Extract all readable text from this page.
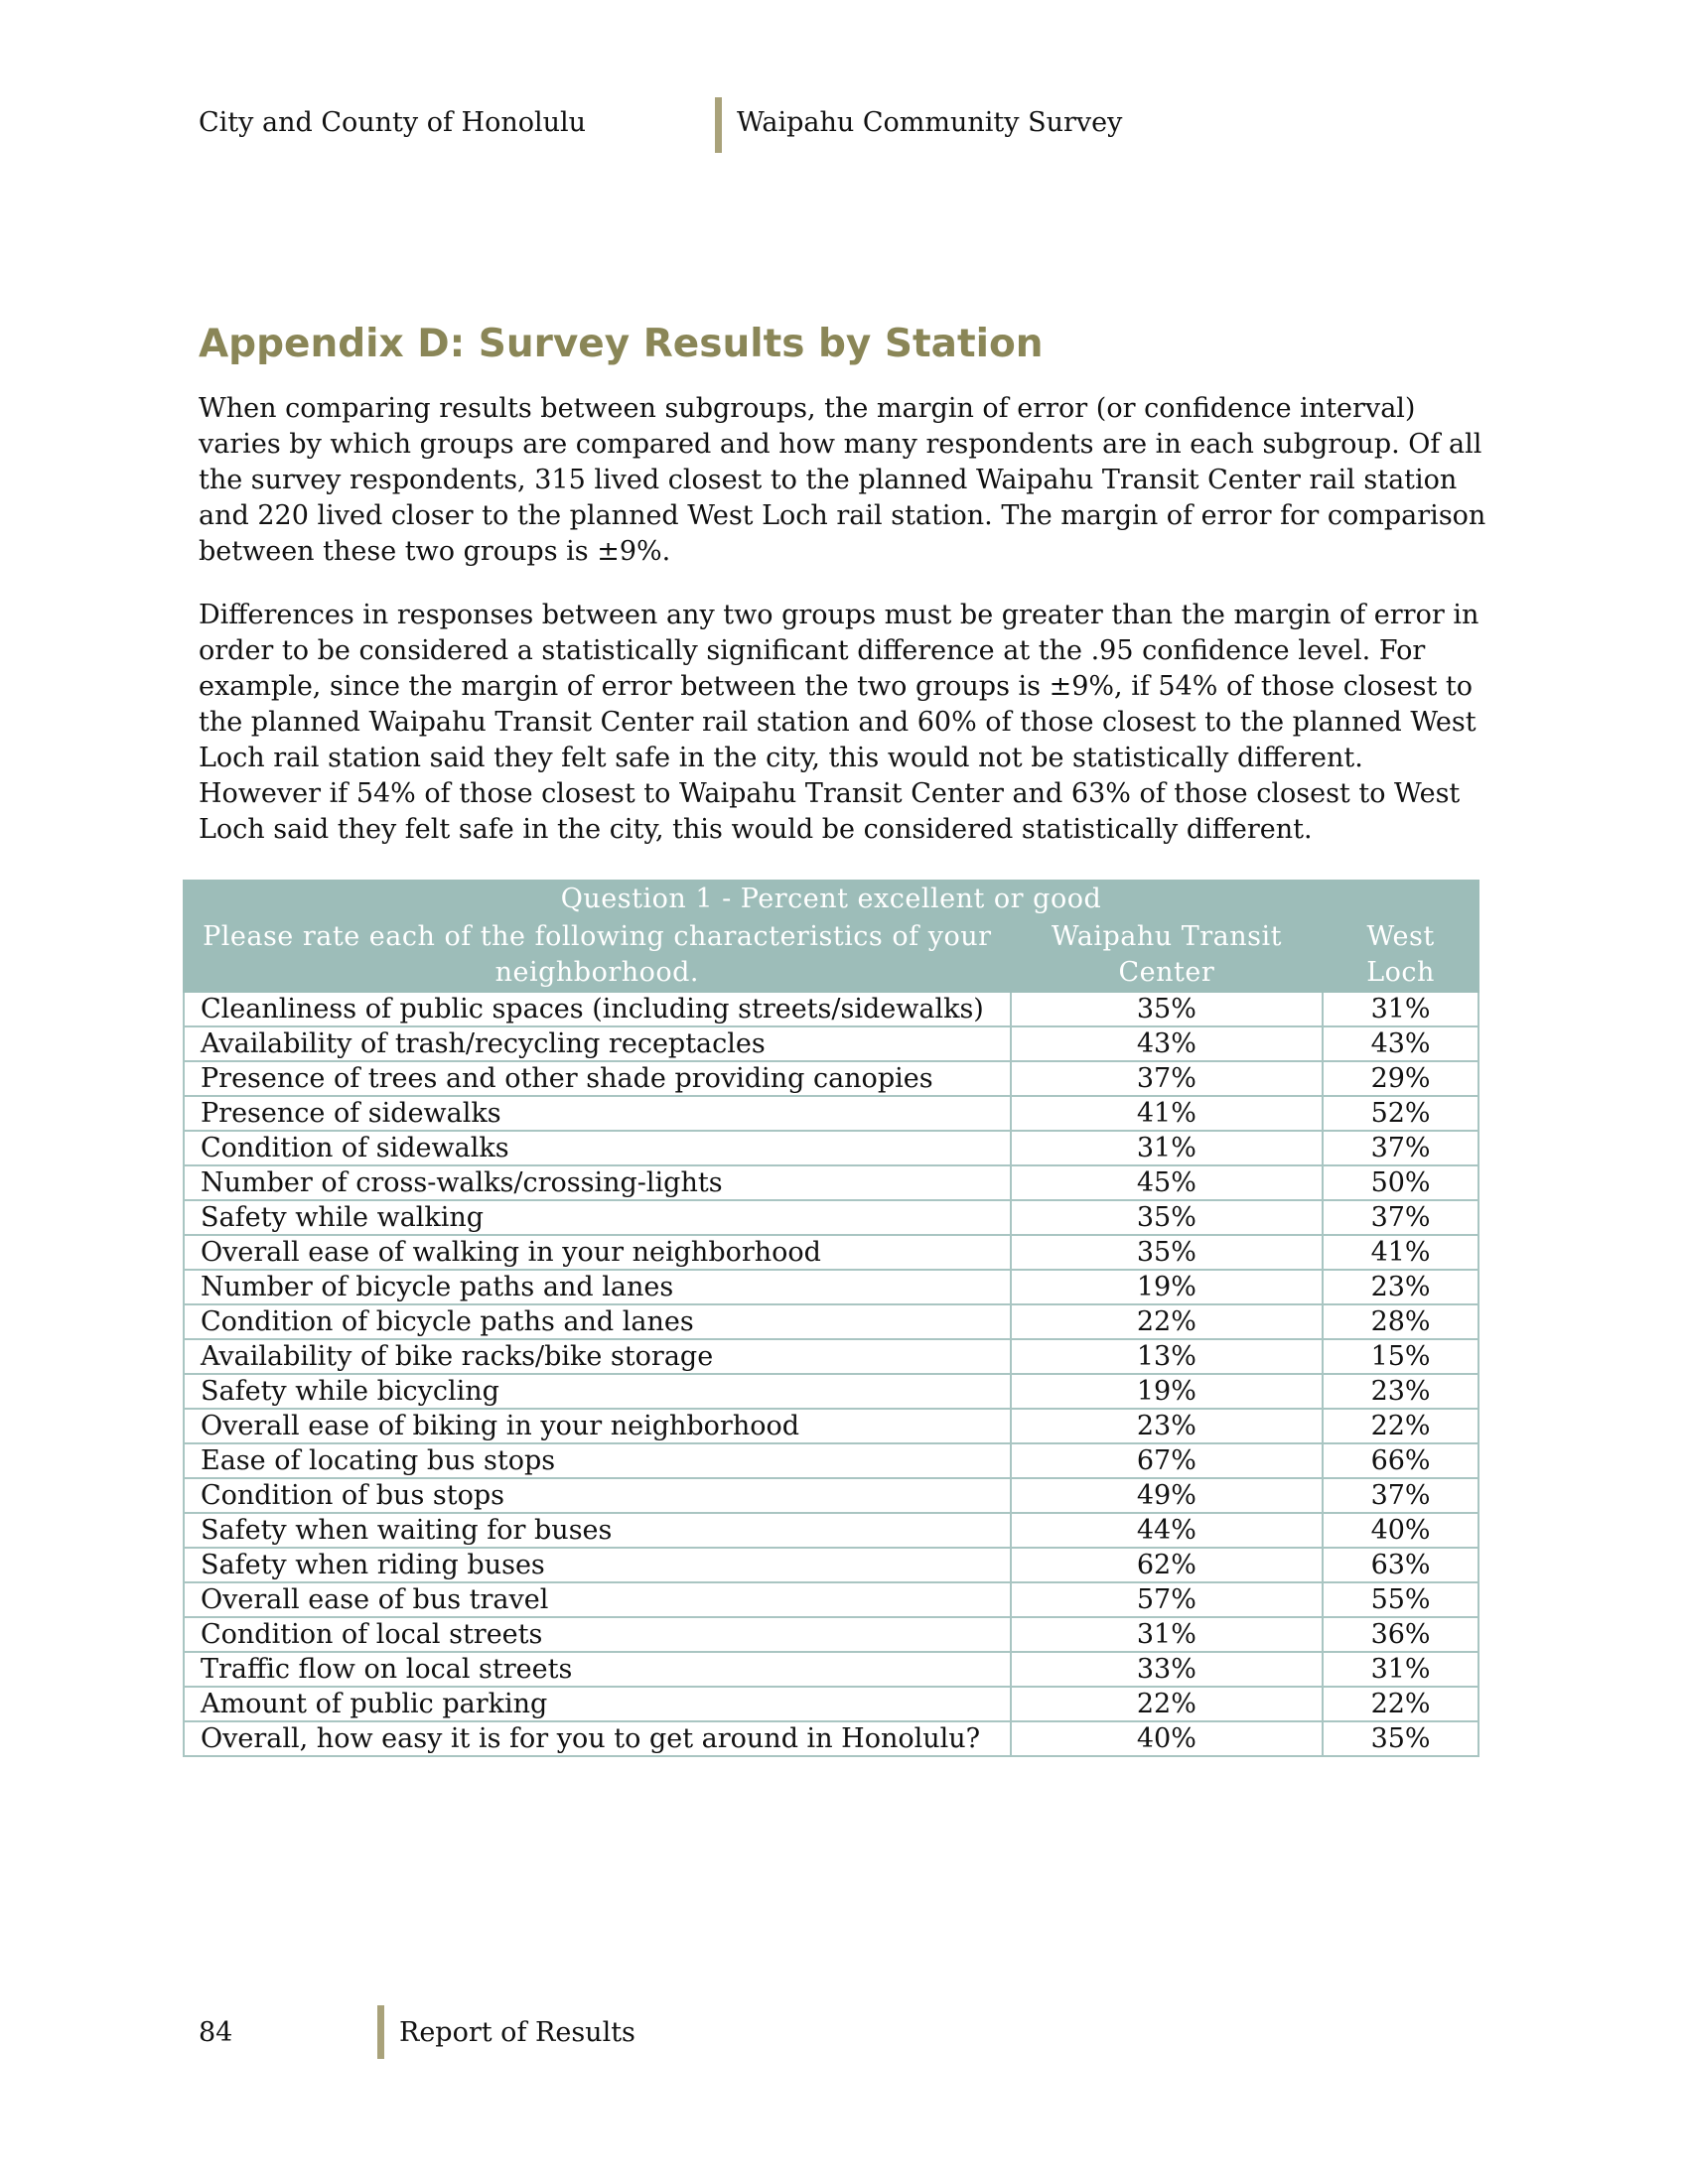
City and County of Honolulu	Waipahu Community Survey
Appendix D: Survey Results by Station

When comparing results between subgroups, the margin of error (or confidence interval) varies by which groups are compared and how many respondents are in each subgroup. Of all the survey respondents, 315 lived closest to the planned Waipahu Transit Center rail station and 220 lived closer to the planned West Loch rail station. The margin of error for comparison between these two groups is ±9%.

Differences in responses between any two groups must be greater than the margin of error in order to be considered a statistically significant difference at the .95 confidence level. For example, since the margin of error between the two groups is ±9%, if 54% of those closest to the planned Waipahu Transit Center rail station and 60% of those closest to the planned West Loch rail station said they felt safe in the city, this would not be statistically different. However if 54% of those closest to Waipahu Transit Center and 63% of those closest to West Loch said they felt safe in the city, this would be considered statistically different.

Question 1 - Percent excellent or good		
Please rate each of the following characteristics of your neighborhood.	Waipahu Transit Center	West Loch
Cleanliness of public spaces (including streets/sidewalks)	35%	31%
Availability of trash/recycling receptacles	43%	43%
Presence of trees and other shade providing canopies	37%	29%
Presence of sidewalks	41%	52%
Condition of sidewalks	31%	37%
Number of cross-walks/crossing-lights	45%	50%
Safety while walking	35%	37%
Overall ease of walking in your neighborhood	35%	41%
Number of bicycle paths and lanes	19%	23%
Condition of bicycle paths and lanes	22%	28%
Availability of bike racks/bike storage	13%	15%
Safety while bicycling	19%	23%
Overall ease of biking in your neighborhood	23%	22%
Ease of locating bus stops	67%	66%
Condition of bus stops	49%	37%
Safety when waiting for buses	44%	40%
Safety when riding buses	62%	63%
Overall ease of bus travel	57%	55%
Condition of local streets	31%	36%
Traffic flow on local streets	33%	31%
Amount of public parking	22%	22%
Overall, how easy it is for you to get around in Honolulu?	40%	35%
84	Report of Results
